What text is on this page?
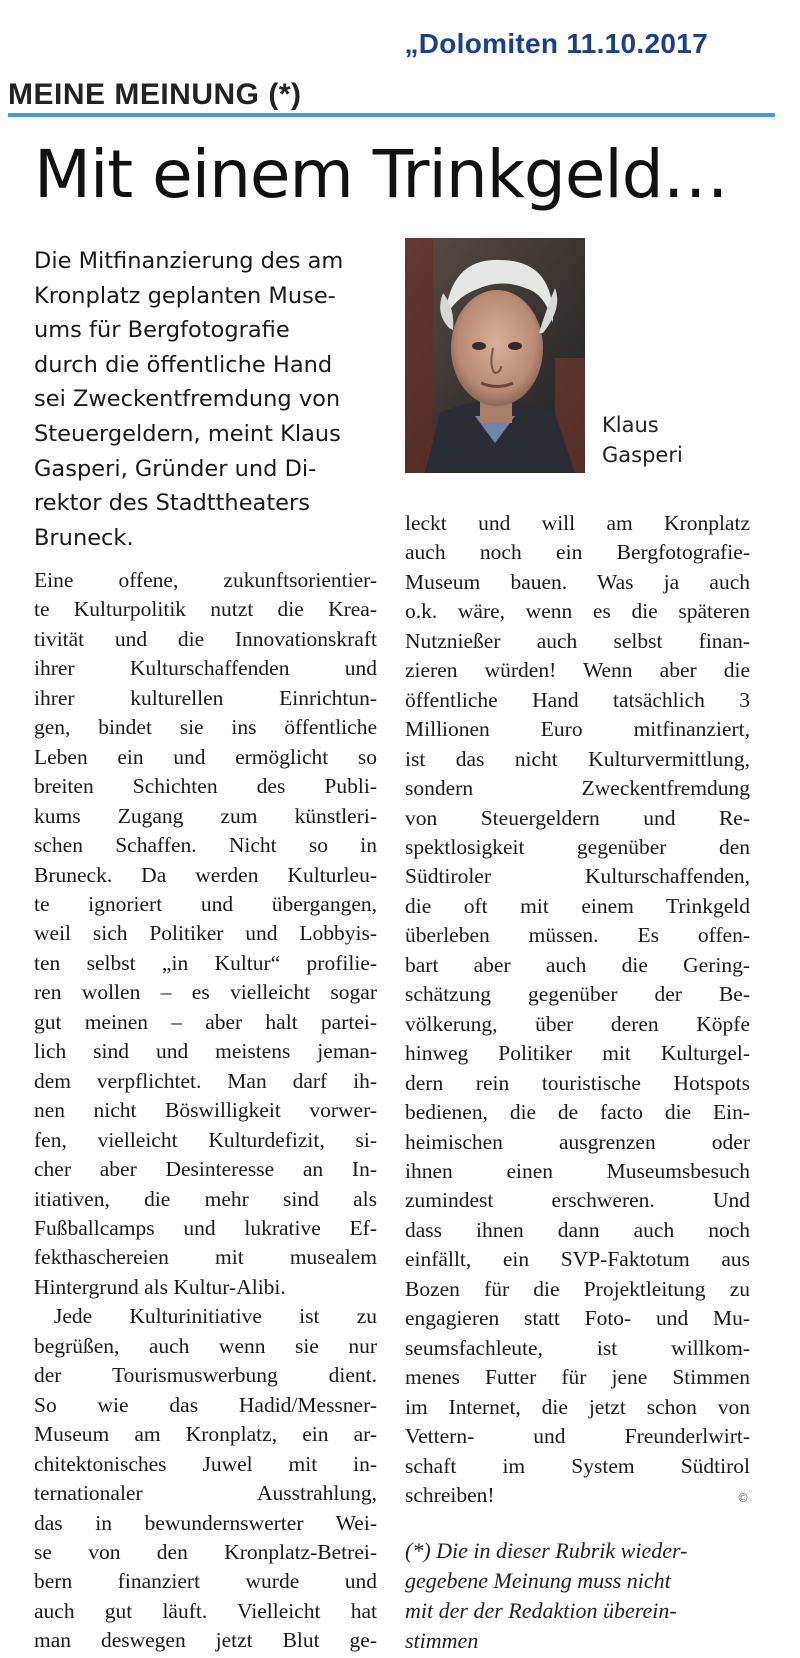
„Dolomiten 11.10.2017
MEINE MEINUNG (*)
Mit einem Trinkgeld…
Die Mitfinanzierung des am
Kronplatz geplanten Muse-
ums für Bergfotografie
durch die öffentliche Hand
sei Zweckentfremdung von
Steuergeldern, meint Klaus
Gasperi, Gründer und Di-
rektor des Stadttheaters
Bruneck.
Klaus
Gasperi
Eine offene, zukunftsorientier-
te Kulturpolitik nutzt die Krea-
tivität und die Innovationskraft
ihrer Kulturschaffenden und
ihrer kulturellen Einrichtun-
gen, bindet sie ins öffentliche
Leben ein und ermöglicht so
breiten Schichten des Publi-
kums Zugang zum künstleri-
schen Schaffen. Nicht so in
Bruneck. Da werden Kulturleu-
te ignoriert und übergangen,
weil sich Politiker und Lobbyis-
ten selbst „in Kultur“ profilie-
ren wollen – es vielleicht sogar
gut meinen – aber halt partei-
lich sind und meistens jeman-
dem verpflichtet. Man darf ih-
nen nicht Böswilligkeit vorwer-
fen, vielleicht Kulturdefizit, si-
cher aber Desinteresse an In-
itiativen, die mehr sind als
Fußballcamps und lukrative Ef-
fekthaschereien mit musealem
Hintergrund als Kultur-Alibi.
Jede Kulturinitiative ist zu
begrüßen, auch wenn sie nur
der Tourismuswerbung dient.
So wie das Hadid/Messner-
Museum am Kronplatz, ein ar-
chitektonisches Juwel mit in-
ternationaler Ausstrahlung,
das in bewundernswerter Wei-
se von den Kronplatz-Betrei-
bern finanziert wurde und
auch gut läuft. Vielleicht hat
man deswegen jetzt Blut ge-
leckt und will am Kronplatz
auch noch ein Bergfotografie-
Museum bauen. Was ja auch
o.k. wäre, wenn es die späteren
Nutznießer auch selbst finan-
zieren würden! Wenn aber die
öffentliche Hand tatsächlich 3
Millionen Euro mitfinanziert,
ist das nicht Kulturvermittlung,
sondern Zweckentfremdung
von Steuergeldern und Re-
spektlosigkeit gegenüber den
Südtiroler Kulturschaffenden,
die oft mit einem Trinkgeld
überleben müssen. Es offen-
bart aber auch die Gering-
schätzung gegenüber der Be-
völkerung, über deren Köpfe
hinweg Politiker mit Kulturgel-
dern rein touristische Hotspots
bedienen, die de facto die Ein-
heimischen ausgrenzen oder
ihnen einen Museumsbesuch
zumindest erschweren. Und
dass ihnen dann auch noch
einfällt, ein SVP-Faktotum aus
Bozen für die Projektleitung zu
engagieren statt Foto- und Mu-
seumsfachleute, ist willkom-
menes Futter für jene Stimmen
im Internet, die jetzt schon von
Vettern- und Freunderlwirt-
schaft im System Südtirol
schreiben!	©
(*) Die in dieser Rubrik wieder-
gegebene Meinung muss nicht
mit der der Redaktion überein-
stimmen
